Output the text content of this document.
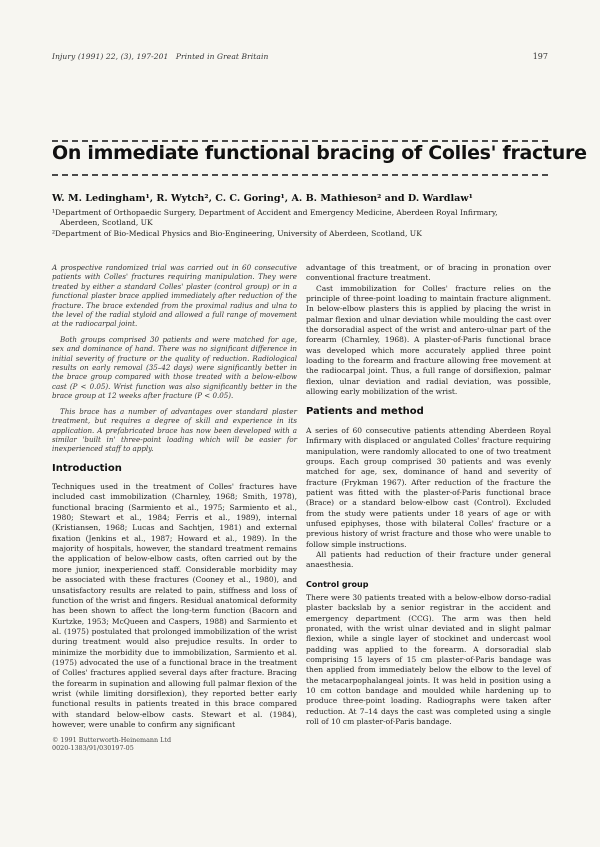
Injury (1991) 22, (3), 197-201 Printed in Great Britain	197
On immediate functional bracing of Colles' fracture
W. M. Ledingham¹, R. Wytch², C. C. Goring¹, A. B. Mathieson² and D. Wardlaw¹

¹Department of Orthopaedic Surgery, Department of Accident and Emergency Medicine, Aberdeen Royal Infirmary,

Aberdeen, Scotland, UK

²Department of Bio-Medical Physics and Bio-Engineering, University of Aberdeen, Scotland, UK

A prospective randomized trial was carried out in 60 consecutive patients with Colles' fractures requiring manipulation. They were treated by either a standard Colles' plaster (control group) or in a functional plaster brace applied immediately after reduction of the fracture. The brace extended from the proximal radius and ulna to the level of the radial styloid and allowed a full range of movement at the radiocarpal joint.

Both groups comprised 30 patients and were matched for age, sex and dominance of hand. There was no significant difference in initial severity of fracture or the quality of reduction. Radiological results on early removal (35–42 days) were significantly better in the brace group compared with those treated with a below-elbow cast (P < 0.05). Wrist function was also significantly better in the brace group at 12 weeks after fracture (P < 0.05).

This brace has a number of advantages over standard plaster treatment, but requires a degree of skill and experience in its application. A prefabricated brace has now been developed with a similar 'built in' three-point loading which will be easier for inexperienced staff to apply.

Introduction

Techniques used in the treatment of Colles' fractures have included cast immobilization (Charnley, 1968; Smith, 1978), functional bracing (Sarmiento et al., 1975; Sarmiento et al., 1980; Stewart et al., 1984; Ferris et al., 1989), internal (Kristiansen, 1968; Lucas and Sachtjen, 1981) and external fixation (Jenkins et al., 1987; Howard et al., 1989). In the majority of hospitals, however, the standard treatment remains the application of below-elbow casts, often carried out by the more junior, inexperienced staff. Considerable morbidity may be associated with these fractures (Cooney et al., 1980), and unsatisfactory results are related to pain, stiffness and loss of function of the wrist and fingers. Residual anatomical deformity has been shown to affect the long-term function (Bacorn and Kurtzke, 1953; McQueen and Caspers, 1988) and Sarmiento et al. (1975) postulated that prolonged immobilization of the wrist during treatment would also prejudice results. In order to minimize the morbidity due to immobilization, Sarmiento et al. (1975) advocated the use of a functional brace in the treatment of Colles' fractures applied several days after fracture. Bracing the forearm in supination and allowing full palmar flexion of the wrist (while limiting dorsiflexion), they reported better early functional results in patients treated in this brace compared with standard below-elbow casts. Stewart et al. (1984), however, were unable to confirm any significant

© 1991 Butterworth-Heinemann Ltd
0020-1383/91/030197-05

advantage of this treatment, or of bracing in pronation over conventional fracture treatment.

Cast immobilization for Colles' fracture relies on the principle of three-point loading to maintain fracture alignment. In below-elbow plasters this is applied by placing the wrist in palmar flexion and ulnar deviation while moulding the cast over the dorsoradial aspect of the wrist and antero-ulnar part of the forearm (Charnley, 1968). A plaster-of-Paris functional brace was developed which more accurately applied three point loading to the forearm and fracture allowing free movement at the radiocarpal joint. Thus, a full range of dorsiflexion, palmar flexion, ulnar deviation and radial deviation, was possible, allowing early mobilization of the wrist.

Patients and method

A series of 60 consecutive patients attending Aberdeen Royal Infirmary with displaced or angulated Colles' fracture requiring manipulation, were randomly allocated to one of two treatment groups. Each group comprised 30 patients and was evenly matched for age, sex, dominance of hand and severity of fracture (Frykman 1967). After reduction of the fracture the patient was fitted with the plaster-of-Paris functional brace (Brace) or a standard below-elbow cast (Control). Excluded from the study were patients under 18 years of age or with unfused epiphyses, those with bilateral Colles' fracture or a previous history of wrist fracture and those who were unable to follow simple instructions.

All patients had reduction of their fracture under general anaesthesia.

Control group

There were 30 patients treated with a below-elbow dorso-radial plaster backslab by a senior registrar in the accident and emergency department (CCG). The arm was then held pronated, with the wrist ulnar deviated and in slight palmar flexion, while a single layer of stockinet and undercast wool padding was applied to the forearm. A dorsoradial slab comprising 15 layers of 15 cm plaster-of-Paris bandage was then applied from immediately below the elbow to the level of the metacarpophalangeal joints. It was held in position using a 10 cm cotton bandage and moulded while hardening up to produce three-point loading. Radiographs were taken after reduction. At 7–14 days the cast was completed using a single roll of 10 cm plaster-of-Paris bandage.
